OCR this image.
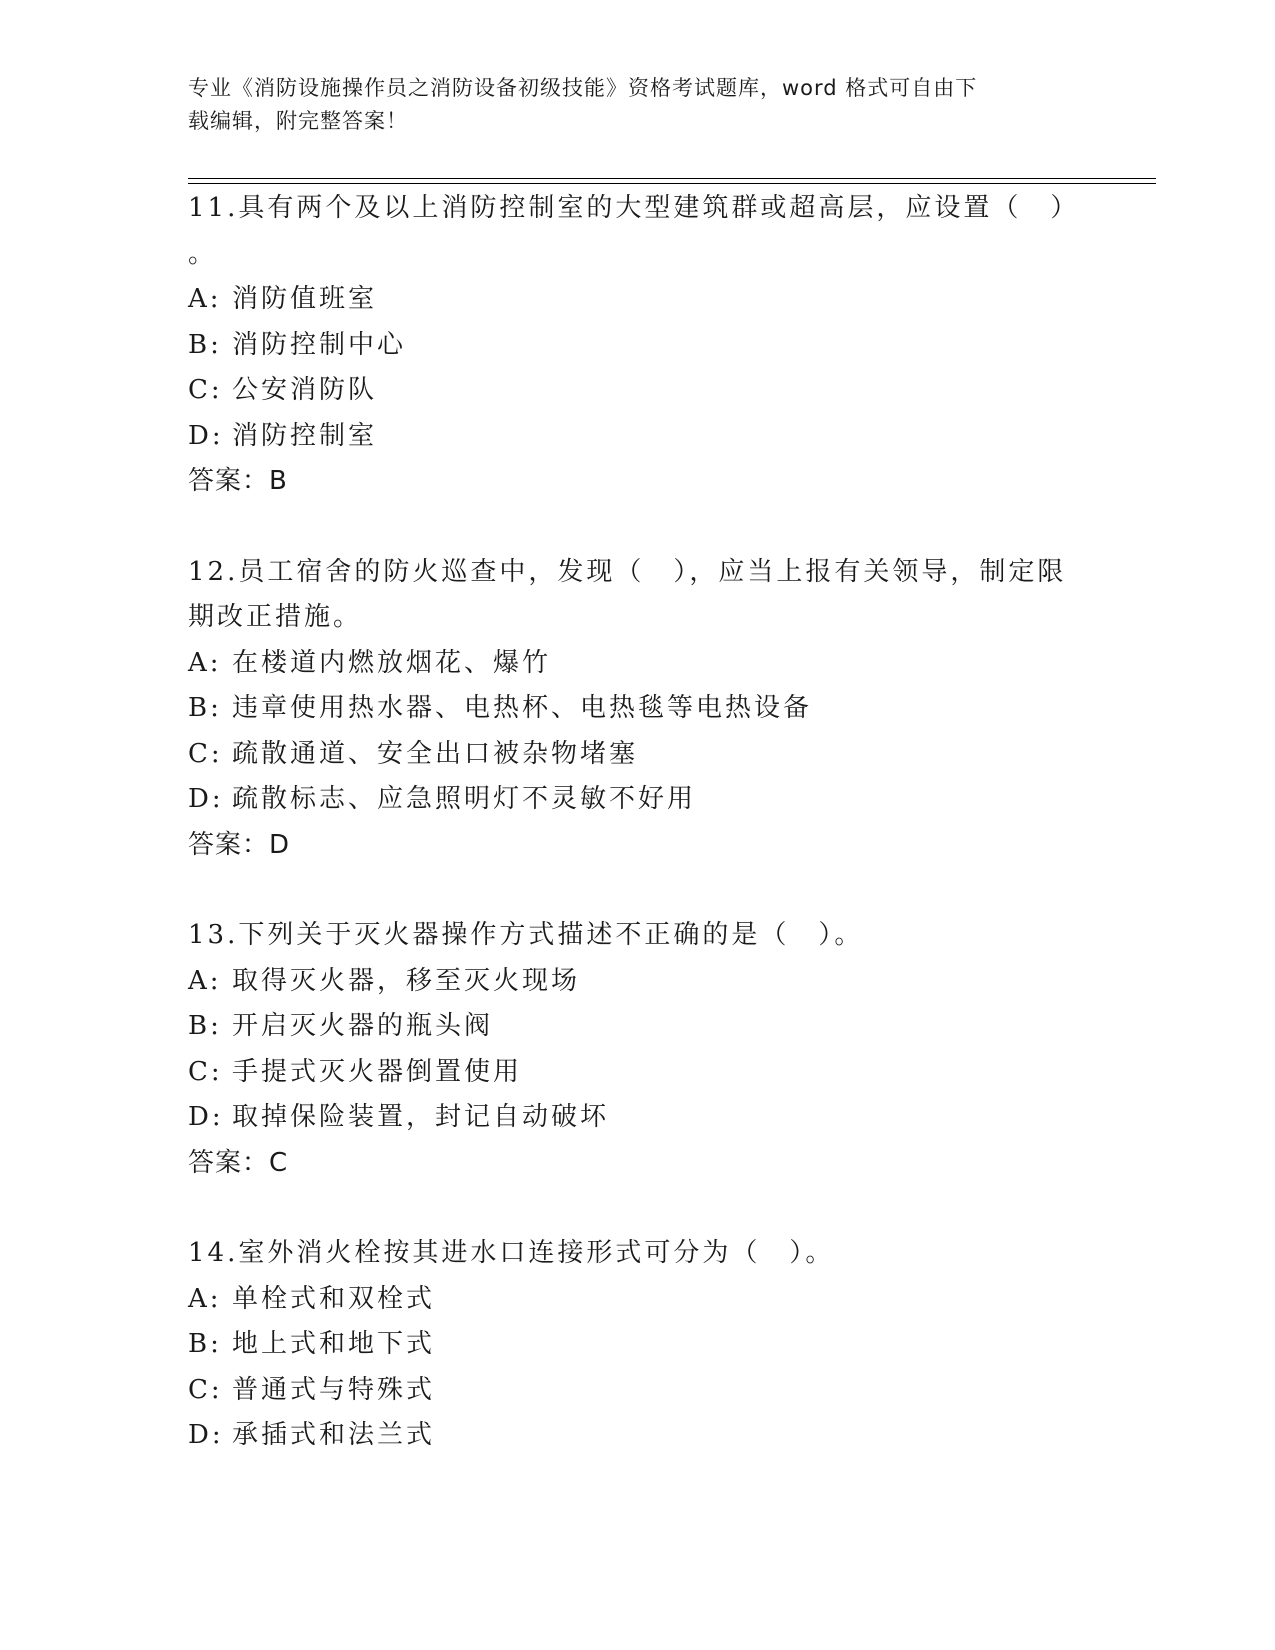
专业《消防设施操作员之消防设备初级技能》资格考试题库，word 格式可自由下
载编辑，附完整答案！

11.具有两个及以上消防控制室的大型建筑群或超高层，应设置（　）

。

A: 消防值班室

B: 消防控制中心

C: 公安消防队

D: 消防控制室

答案：B

12.员工宿舍的防火巡查中，发现（　），应当上报有关领导，制定限

期改正措施。

A: 在楼道内燃放烟花、爆竹

B: 违章使用热水器、电热杯、电热毯等电热设备

C: 疏散通道、安全出口被杂物堵塞

D: 疏散标志、应急照明灯不灵敏不好用

答案：D

13.下列关于灭火器操作方式描述不正确的是（　）。

A: 取得灭火器，移至灭火现场

B: 开启灭火器的瓶头阀

C: 手提式灭火器倒置使用

D: 取掉保险装置，封记自动破坏

答案：C

14.室外消火栓按其进水口连接形式可分为（　）。

A: 单栓式和双栓式

B: 地上式和地下式

C: 普通式与特殊式

D: 承插式和法兰式
